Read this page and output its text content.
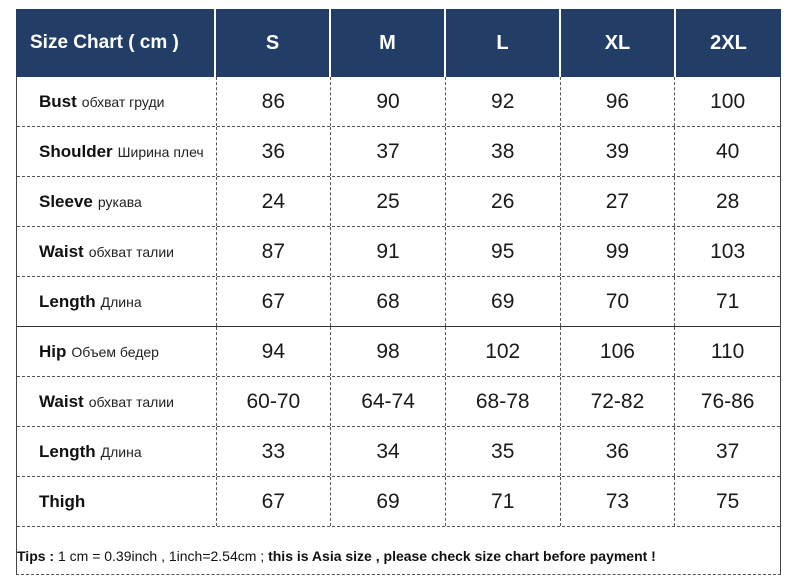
Size Chart ( cm )	S	M	L	XL	2XL
Bust обхват груди	86	90	92	96	100
Shoulder Ширина плеч	36	37	38	39	40
Sleeve рукава	24	25	26	27	28
Waist обхват талии	87	91	95	99	103
Length Длина	67	68	69	70	71
Hip Объем бедер	94	98	102	106	110
Waist обхват талии	60-70	64-74	68-78	72-82	76-86
Length Длина	33	34	35	36	37
Thigh	67	69	71	73	75
Tips : 1 cm = 0.39inch , 1inch=2.54cm ; this is Asia size , please check size chart before payment !
